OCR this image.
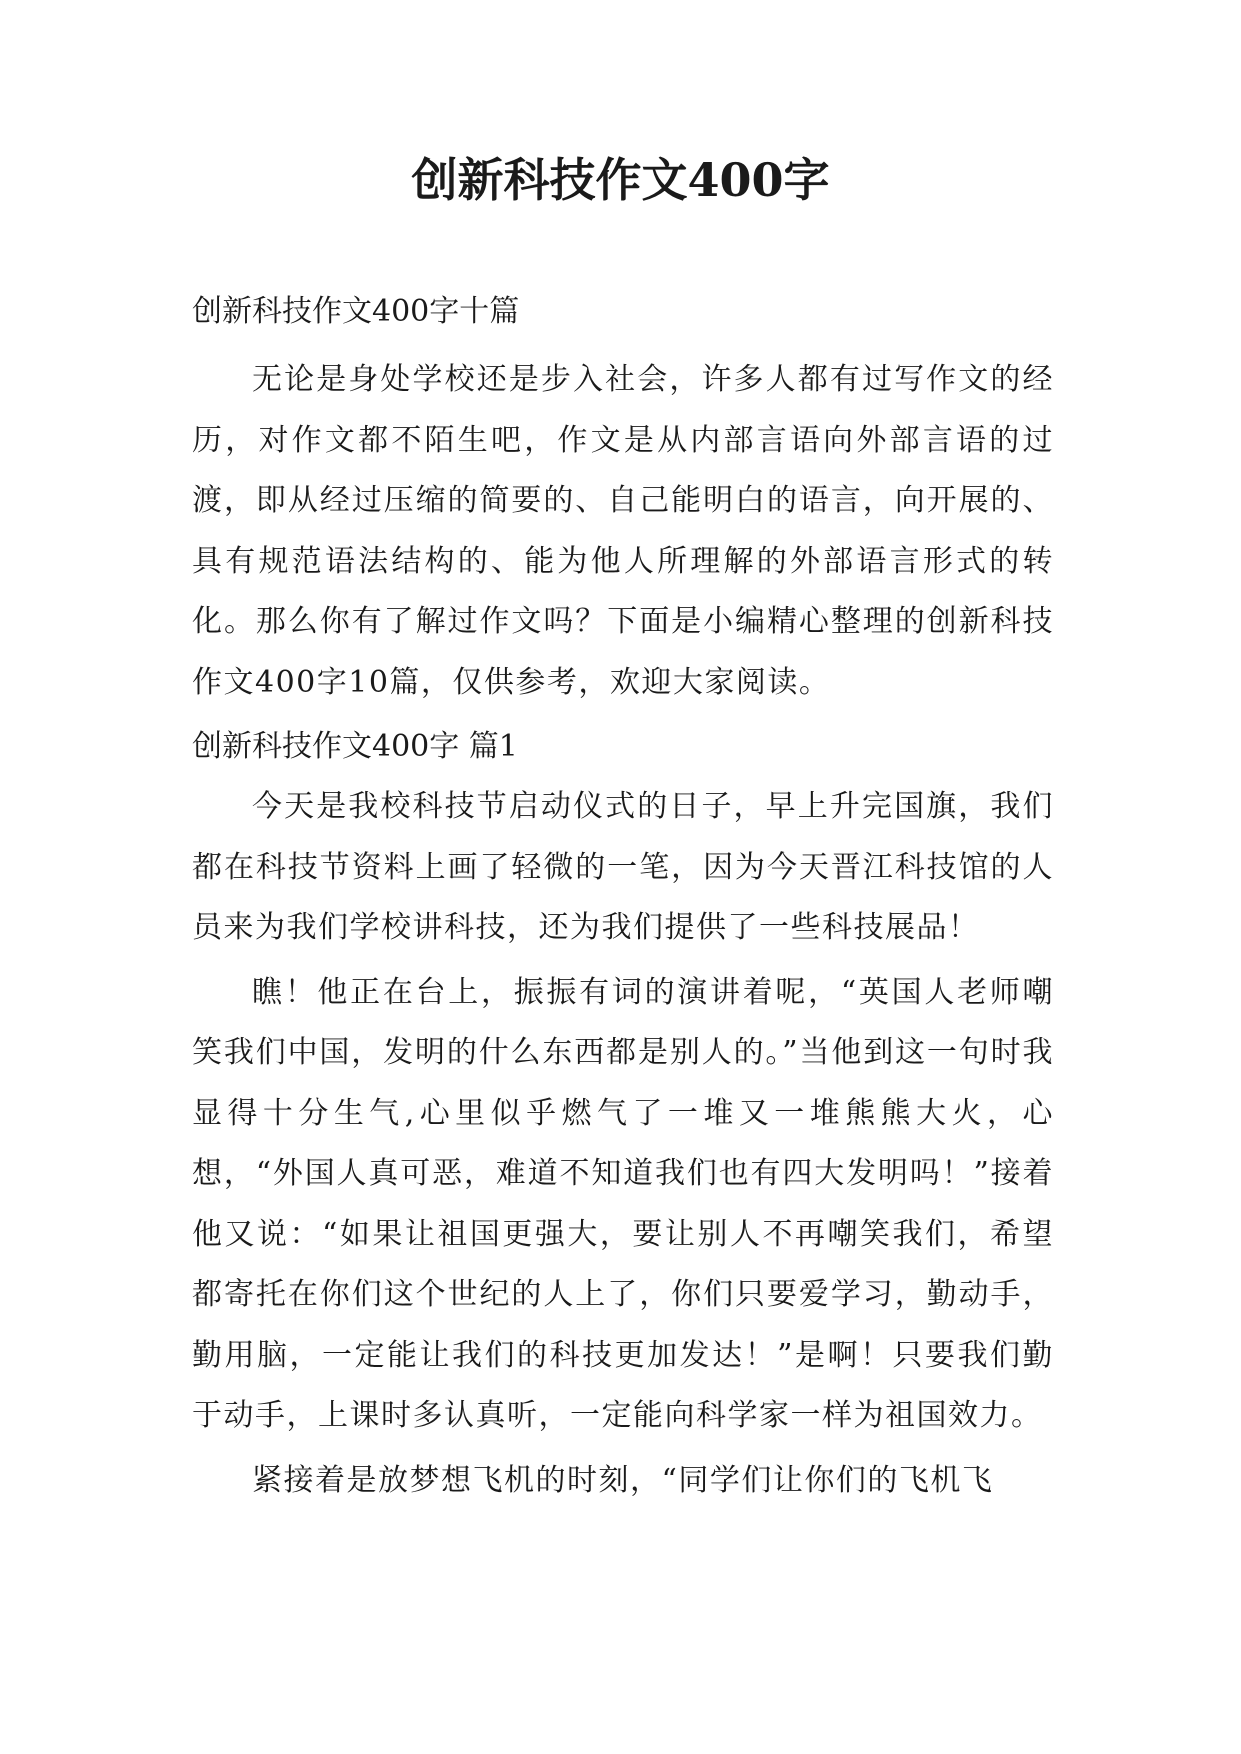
创新科技作文400字

创新科技作文400字十篇

无论是身处学校还是步入社会，许多人都有过写作文的经历，对作文都不陌生吧，作文是从内部言语向外部言语的过渡，即从经过压缩的简要的、自己能明白的语言，向开展的、具有规范语法结构的、能为他人所理解的外部语言形式的转化。那么你有了解过作文吗？下面是小编精心整理的创新科技作文400字10篇，仅供参考，欢迎大家阅读。

创新科技作文400字 篇1

今天是我校科技节启动仪式的日子，早上升完国旗，我们都在科技节资料上画了轻微的一笔，因为今天晋江科技馆的人员来为我们学校讲科技，还为我们提供了一些科技展品！

瞧！他正在台上，振振有词的演讲着呢，“英国人老师嘲笑我们中国，发明的什么东西都是别人的。”当他到这一句时我显得十分生气,心里似乎燃气了一堆又一堆熊熊大火，心想，“外国人真可恶，难道不知道我们也有四大发明吗！”接着他又说：“如果让祖国更强大，要让别人不再嘲笑我们，希望都寄托在你们这个世纪的人上了，你们只要爱学习，勤动手，勤用脑，一定能让我们的科技更加发达！”是啊！只要我们勤于动手，上课时多认真听，一定能向科学家一样为祖国效力。

紧接着是放梦想飞机的时刻，“同学们让你们的飞机飞
